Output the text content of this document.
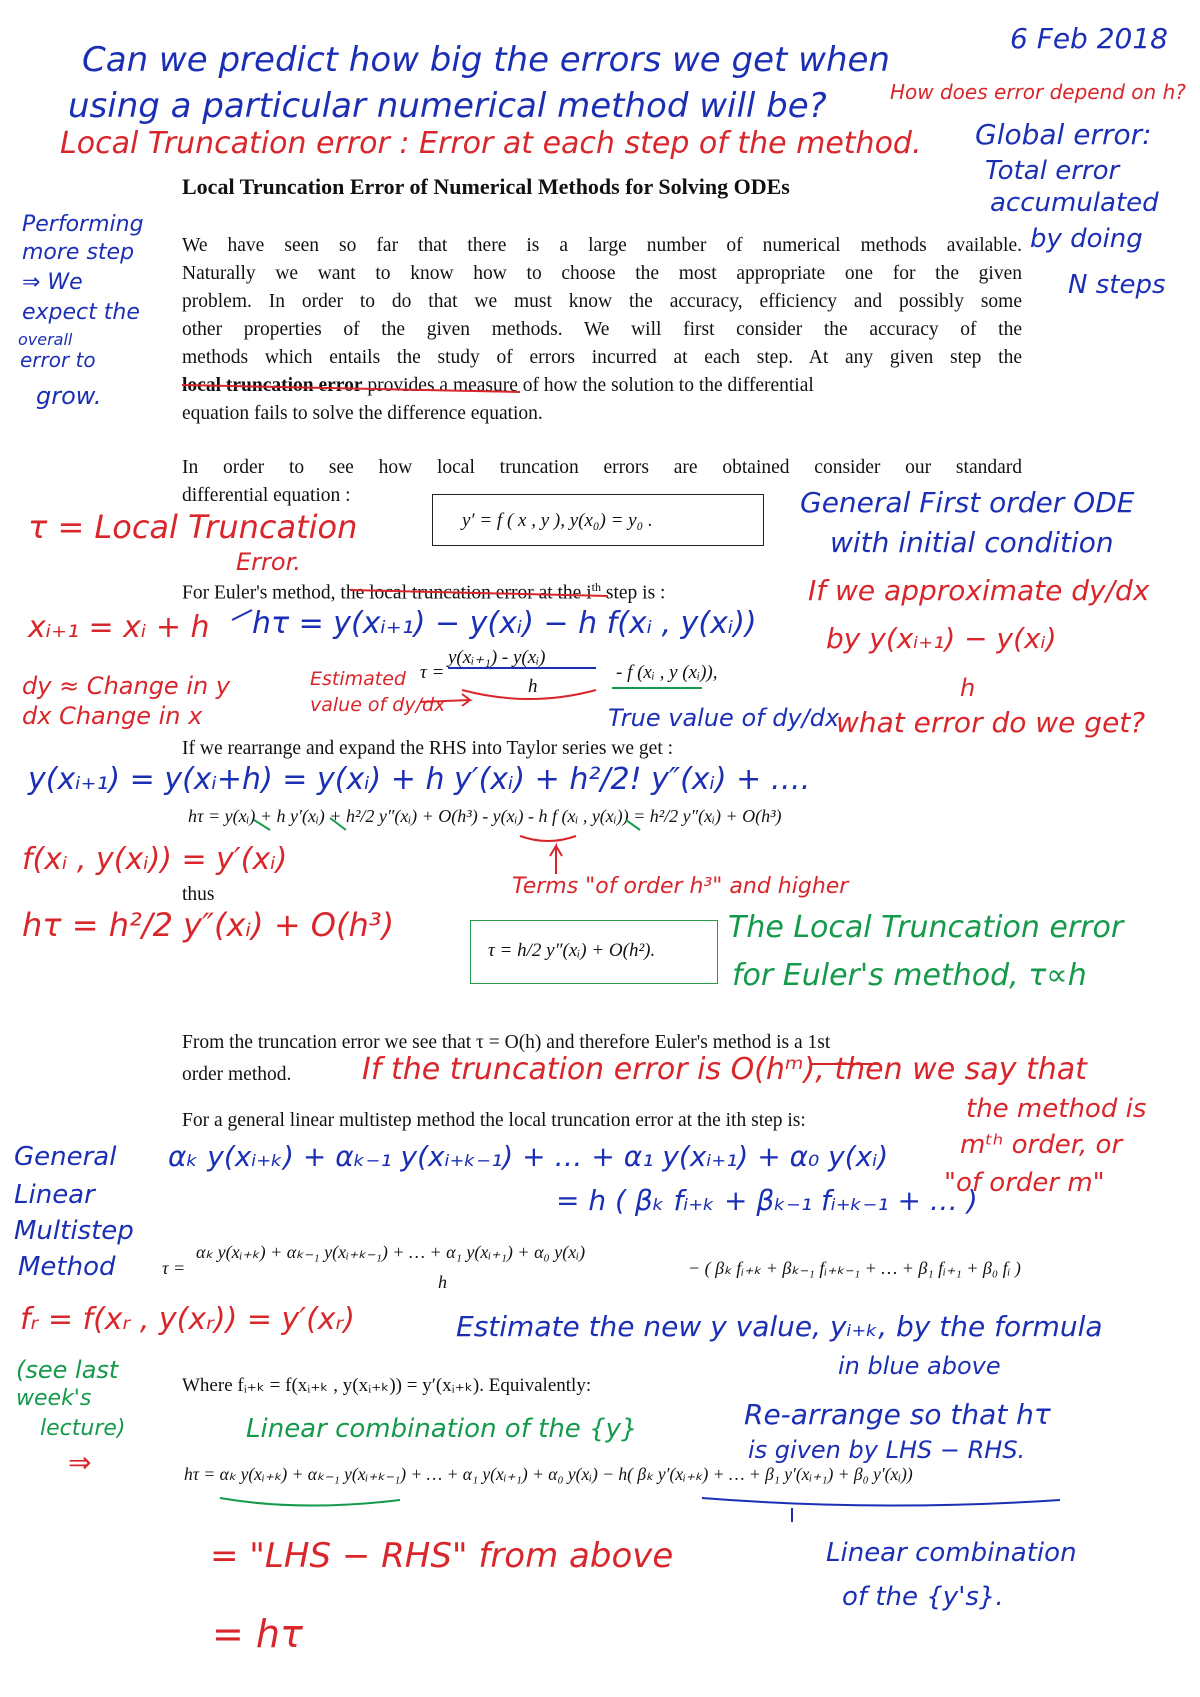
6 Feb 2018
Can we predict how big the errors we get when
using a particular numerical method will be?	How does error depend on h?
Local Truncation error : Error at each step of the method. Global error:
Total error
accumulated
by doing
N steps
Performing
more step
⇒ We
expect the
overall
error to
grow.
Local Truncation Error of Numerical Methods for Solving ODEs
We have seen so far that there is a large number of numerical methods available.
Naturally we want to know how to choose the most appropriate one for the given
problem. In order to do that we must know the accuracy, efficiency and possibly some
other properties of the given methods. We will first consider the accuracy of the
methods which entails the study of errors incurred at each step. At any given step the
local truncation error provides a measure of how the solution to the differential
equation fails to solve the difference equation.
In order to see how local truncation errors are obtained consider our standard
differential equation :
y′ = f ( x , y ), y(x₀) = y₀ .
General First order ODE
with initial condition
τ = Local Truncation
Error.
For Euler's method, the local truncation error at the $i^{th}$ step is :
xᵢ₊₁ = xᵢ + h hτ = y(xᵢ₊₁) − y(xᵢ) − h f(xᵢ , y(xᵢ))
If we approximate dy/dx
by y(xᵢ₊₁) − y(xᵢ)
h
dy ≈ Change in y
dx Change in x
Estimated
value of dy/dx
τ =
y(xᵢ₊₁) - y(xᵢ)
h
- f (xᵢ , y (xᵢ)),
True value of dy/dx
what error do we get?
If we rearrange and expand the RHS into Taylor series we get :
y(xᵢ₊₁) = y(xᵢ+h) = y(xᵢ) + h y′(xᵢ) + h²/2! y″(xᵢ) + ….
hτ = y(xᵢ) + h y′(xᵢ) + h²/2 y″(xᵢ) + O(h³) - y(xᵢ) - h f (xᵢ , y(xᵢ)) = h²/2 y″(xᵢ) + O(h³)
f(xᵢ , y(xᵢ)) = y′(xᵢ)
Terms "of order h³" and higher
thus
hτ = h²/2 y″(xᵢ) + O(h³)
τ = h/2 y″(xᵢ) + O(h²).
The Local Truncation error
for Euler's method, τ∝h
From the truncation error we see that τ = O(h) and therefore Euler's method is a 1st
order method. If the truncation error is O(hᵐ), then we say that
the method is
mᵗʰ order, or
"of order m"
For a general linear multistep method the local truncation error at the ith step is:
General
Linear
Multistep
Method
αₖ y(xᵢ₊ₖ) + αₖ₋₁ y(xᵢ₊ₖ₋₁) + … + α₁ y(xᵢ₊₁) + α₀ y(xᵢ)
= h ( βₖ fᵢ₊ₖ + βₖ₋₁ fᵢ₊ₖ₋₁ + … )
τ =
αₖ y(xᵢ₊ₖ) + αₖ₋₁ y(xᵢ₊ₖ₋₁) + … + α₁ y(xᵢ₊₁) + α₀ y(xᵢ)
h
− ( βₖ fᵢ₊ₖ + βₖ₋₁ fᵢ₊ₖ₋₁ + … + β₁ fᵢ₊₁ + β₀ fᵢ )
fᵣ = f(xᵣ , y(xᵣ)) = y′(xᵣ)	Estimate the new y value, yᵢ₊ₖ, by the formula
in blue above
(see last
week's
lecture)
⇒
Where fᵢ₊ₖ = f(xᵢ₊ₖ , y(xᵢ₊ₖ)) = y′(xᵢ₊ₖ). Equivalently:
Linear combination of the {y}	Re-arrange so that hτ
is given by LHS − RHS.
hτ = αₖ y(xᵢ₊ₖ) + αₖ₋₁ y(xᵢ₊ₖ₋₁) + … + α₁ y(xᵢ₊₁) + α₀ y(xᵢ) − h( βₖ y′(xᵢ₊ₖ) + … + β₁ y′(xᵢ₊₁) + β₀ y′(xᵢ))
= "LHS − RHS" from above
= hτ
Linear combination
of the {y's}.
